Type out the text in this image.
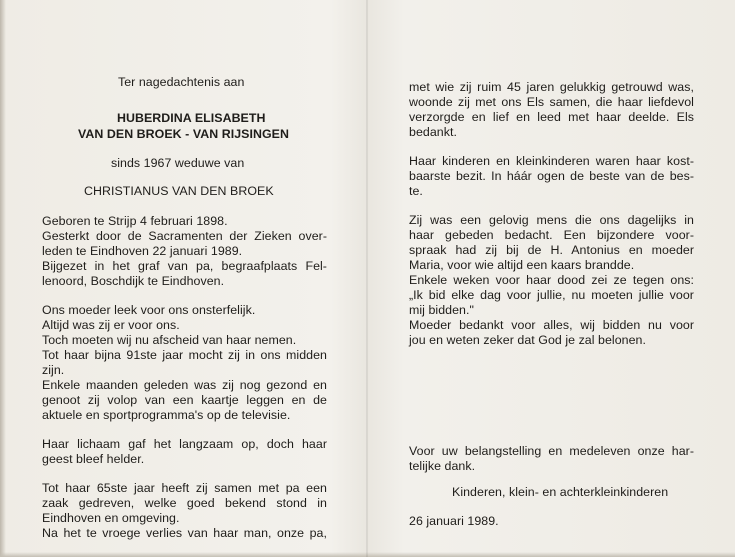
Ter nagedachtenis aan
HUBERDINA ELISABETH
VAN DEN BROEK - VAN RIJSINGEN
sinds 1967 weduwe van
CHRISTIANUS VAN DEN BROEK
Geboren te Strijp 4 februari 1898.
Gesterkt door de Sacramenten der Zieken over-
leden te Eindhoven 22 januari 1989.
Bijgezet in het graf van pa, begraafplaats Fel-
lenoord, Boschdijk te Eindhoven.
Ons moeder leek voor ons onsterfelijk.
Altijd was zij er voor ons.
Toch moeten wij nu afscheid van haar nemen.
Tot haar bijna 91ste jaar mocht zij in ons midden
zijn.
Enkele maanden geleden was zij nog gezond en
genoot zij volop van een kaartje leggen en de
aktuele en sportprogramma's op de televisie.
Haar lichaam gaf het langzaam op, doch haar
geest bleef helder.
Tot haar 65ste jaar heeft zij samen met pa een
zaak gedreven, welke goed bekend stond in
Eindhoven en omgeving.
Na het te vroege verlies van haar man, onze pa,
met wie zij ruim 45 jaren gelukkig getrouwd was,
woonde zij met ons Els samen, die haar liefdevol
verzorgde en lief en leed met haar deelde. Els
bedankt.
Haar kinderen en kleinkinderen waren haar kost-
baarste bezit. In háár ogen de beste van de bes-
te.
Zij was een gelovig mens die ons dagelijks in
haar gebeden bedacht. Een bijzondere voor-
spraak had zij bij de H. Antonius en moeder
Maria, voor wie altijd een kaars brandde.
Enkele weken voor haar dood zei ze tegen ons:
„Ik bid elke dag voor jullie, nu moeten jullie voor
mij bidden."
Moeder bedankt voor alles, wij bidden nu voor
jou en weten zeker dat God je zal belonen.
Voor uw belangstelling en medeleven onze har-
telijke dank.
Kinderen, klein- en achterkleinkinderen
26 januari 1989.
